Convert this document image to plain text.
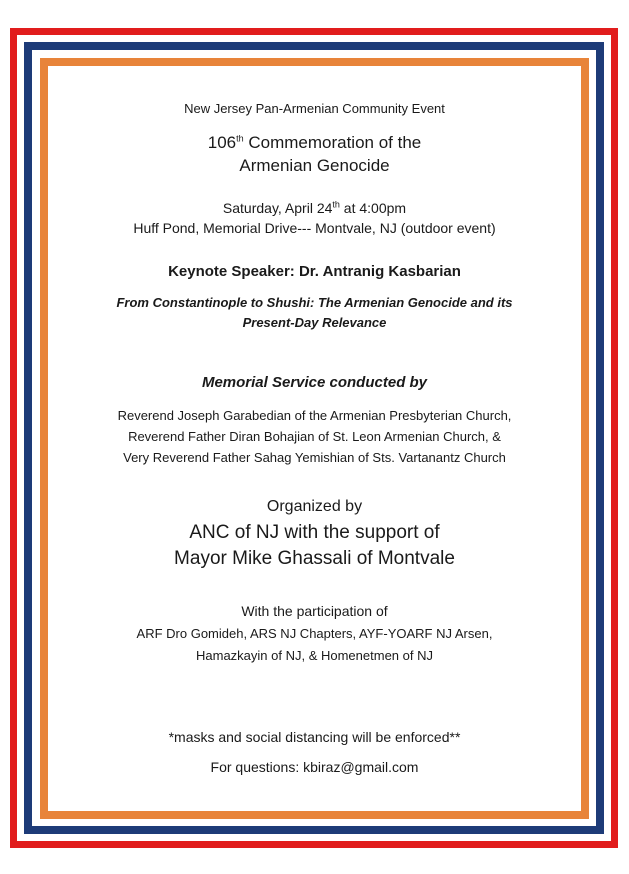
New Jersey Pan-Armenian Community Event
106th Commemoration of the
Armenian Genocide
Saturday, April 24th at 4:00pm
Huff Pond, Memorial Drive--- Montvale, NJ (outdoor event)
Keynote Speaker: Dr. Antranig Kasbarian
From Constantinople to Shushi: The Armenian Genocide and its
Present-Day Relevance
Memorial Service conducted by
Reverend Joseph Garabedian of the Armenian Presbyterian Church,
Reverend Father Diran Bohajian of St. Leon Armenian Church, &
Very Reverend Father Sahag Yemishian of Sts. Vartanantz Church
Organized by
ANC of NJ with the support of
Mayor Mike Ghassali of Montvale
With the participation of
ARF Dro Gomideh, ARS NJ Chapters, AYF-YOARF NJ Arsen,
Hamazkayin of NJ, & Homenetmen of NJ
*masks and social distancing will be enforced**
For questions: kbiraz@gmail.com
